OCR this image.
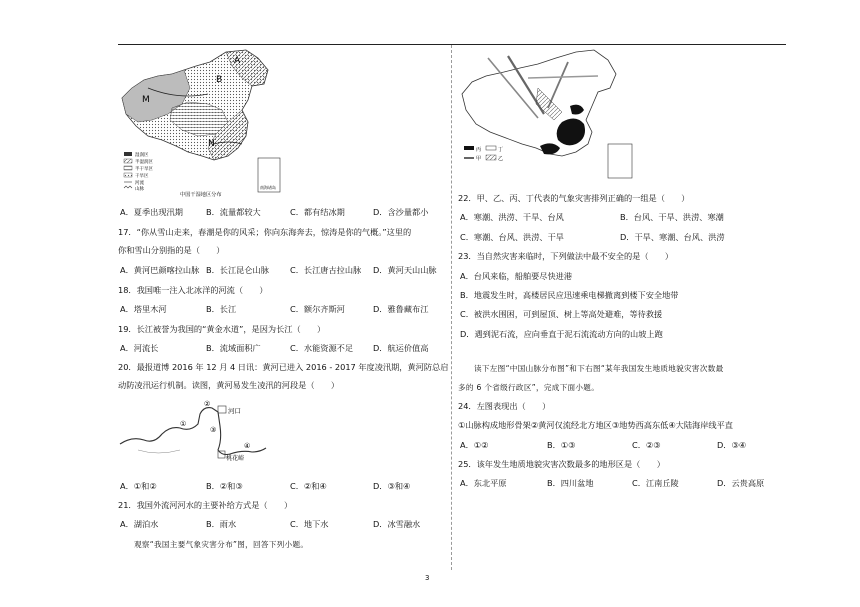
A
B
M
N
湿润区
半湿润区
半干旱区
干旱区
河流
山脉
中国干湿地区分布
南海诸岛
A．夏季出现汛期	B．流量都较大	C．都有结冰期	D．含沙量都小
17．“你从雪山走来，春潮是你的风采；你向东海奔去，惊涛是你的气概。”这里的
你和雪山分别指的是（　　）
A．黄河巴颜喀拉山脉 B．长江昆仑山脉	C．长江唐古拉山脉 D．黄河天山山脉
18．我国唯一注入北冰洋的河流（　　）
A．塔里木河	B．长江	C．额尔齐斯河	D．雅鲁藏布江
19．长江被誉为我国的“黄金水道”，是因为长江（　　）
A．河流长	B．流域面积广	C．水能资源不足 D．航运价值高
20．最报道博 2016 年 12 月 4 日讯：黄河已进入 2016 - 2017 年度凌汛期，黄河防总启
动防凌汛运行机制。读图，黄河易发生凌汛的河段是（　　）
河口
桃花峪
①
②
③
④
A．①和②	B．②和③	C．②和④	D．③和④
21．我国外流河河水的主要补给方式是（　　）
A．湖泊水	B．雨水	C．地下水	D．冰雪融水
观察“我国主要气象灾害分布”图，回答下列小题。
丙	丁
甲	乙
22．甲、乙、丙、丁代表的气象灾害排列正确的一组是（　　）
A．寒潮、洪涝、干旱、台风	B．台风、干旱、洪涝、寒潮
C．寒潮、台风、洪涝、干旱	D．干旱、寒潮、台风、洪涝
23．当自然灾害来临时，下列做法中最不安全的是（　　）
A．台风来临，船舶要尽快进港
B．地震发生时，高楼居民应迅速乘电梯撤离到楼下安全地带
C．被洪水围困，可到屋顶、树上等高处避难，等待救援
D．遇到泥石流，应向垂直于泥石流流动方向的山坡上跑
读下左图“中国山脉分布图”和下右图“某年我国发生地质地貌灾害次数最
多的 6 个省级行政区”，完成下面小题。
24．左图表现出（　　）
①山脉构成地形骨架②黄河仅流经北方地区③地势西高东低④大陆海岸线平直
A．①②	B．①③	C．②③	D．③④
25．该年发生地质地貌灾害次数最多的地形区是（　　）
A．东北平原	B．四川盆地	C．江南丘陵	D．云贵高原
3
